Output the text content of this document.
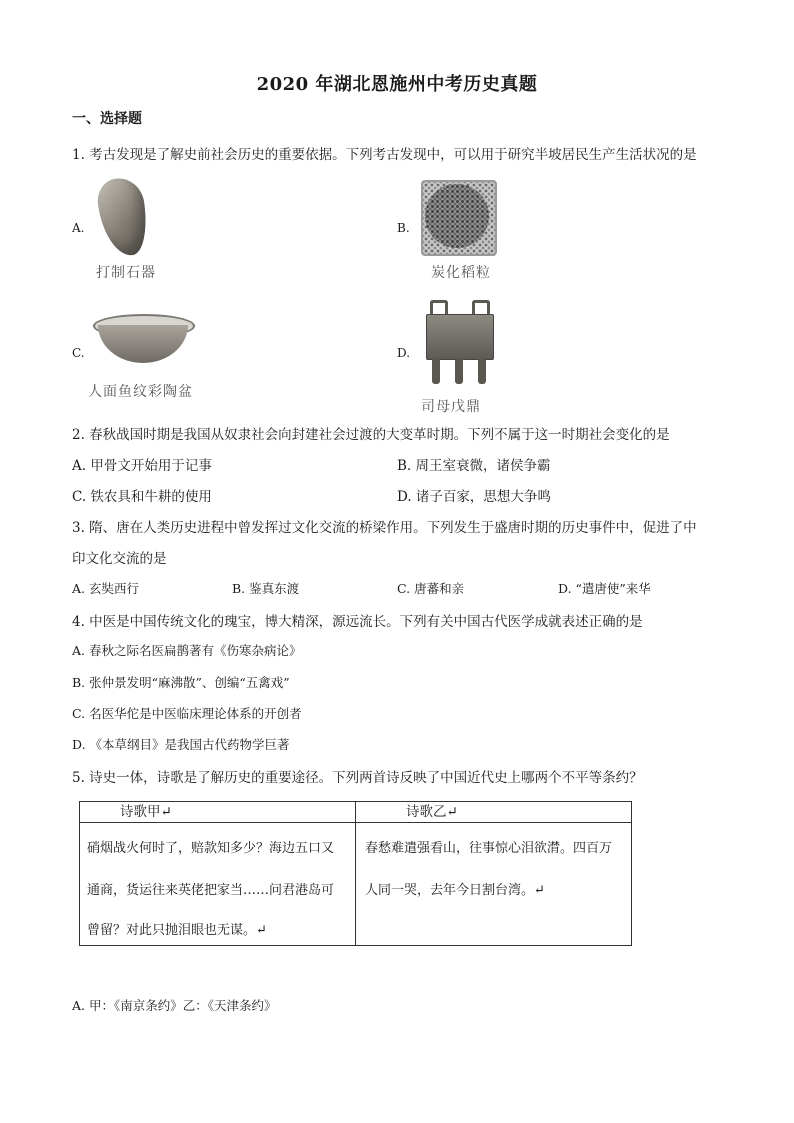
2020 年湖北恩施州中考历史真题
一、选择题
1. 考古发现是了解史前社会历史的重要依据。下列考古发现中，可以用于研究半坡居民生产生活状况的是
A.
打制石器
B.
炭化稻粒
C.
人面鱼纹彩陶盆
D.
司母戊鼎
2. 春秋战国时期是我国从奴隶社会向封建社会过渡的大变革时期。下列不属于这一时期社会变化的是
A. 甲骨文开始用于记事	B. 周王室衰微，诸侯争霸
C. 铁农具和牛耕的使用	D. 诸子百家，思想大争鸣
3. 隋、唐在人类历史进程中曾发挥过文化交流的桥梁作用。下列发生于盛唐时期的历史事件中，促进了中
印文化交流的是
A. 玄奘西行	B. 鉴真东渡	C. 唐蕃和亲	D. “遣唐使”来华
4. 中医是中国传统文化的瑰宝，博大精深，源远流长。下列有关中国古代医学成就表述正确的是
A. 春秋之际名医扁鹊著有《伤寒杂病论》
B. 张仲景发明“麻沸散”、创编“五禽戏”
C. 名医华佗是中医临床理论体系的开创者
D. 《本草纲目》是我国古代药物学巨著
5. 诗史一体，诗歌是了解历史的重要途径。下列两首诗反映了中国近代史上哪两个不平等条约？
诗歌甲↵	诗歌乙↵
硝烟战火何时了，赔款知多少？海边五口又
通商，货运往来英佬把家当……问君港岛可
曾留？对此只抛泪眼也无谋。↵
春愁难遣强看山，往事惊心泪欲潸。四百万
人同一哭，去年今日割台湾。↵
A. 甲：《南京条约》乙：《天津条约》
